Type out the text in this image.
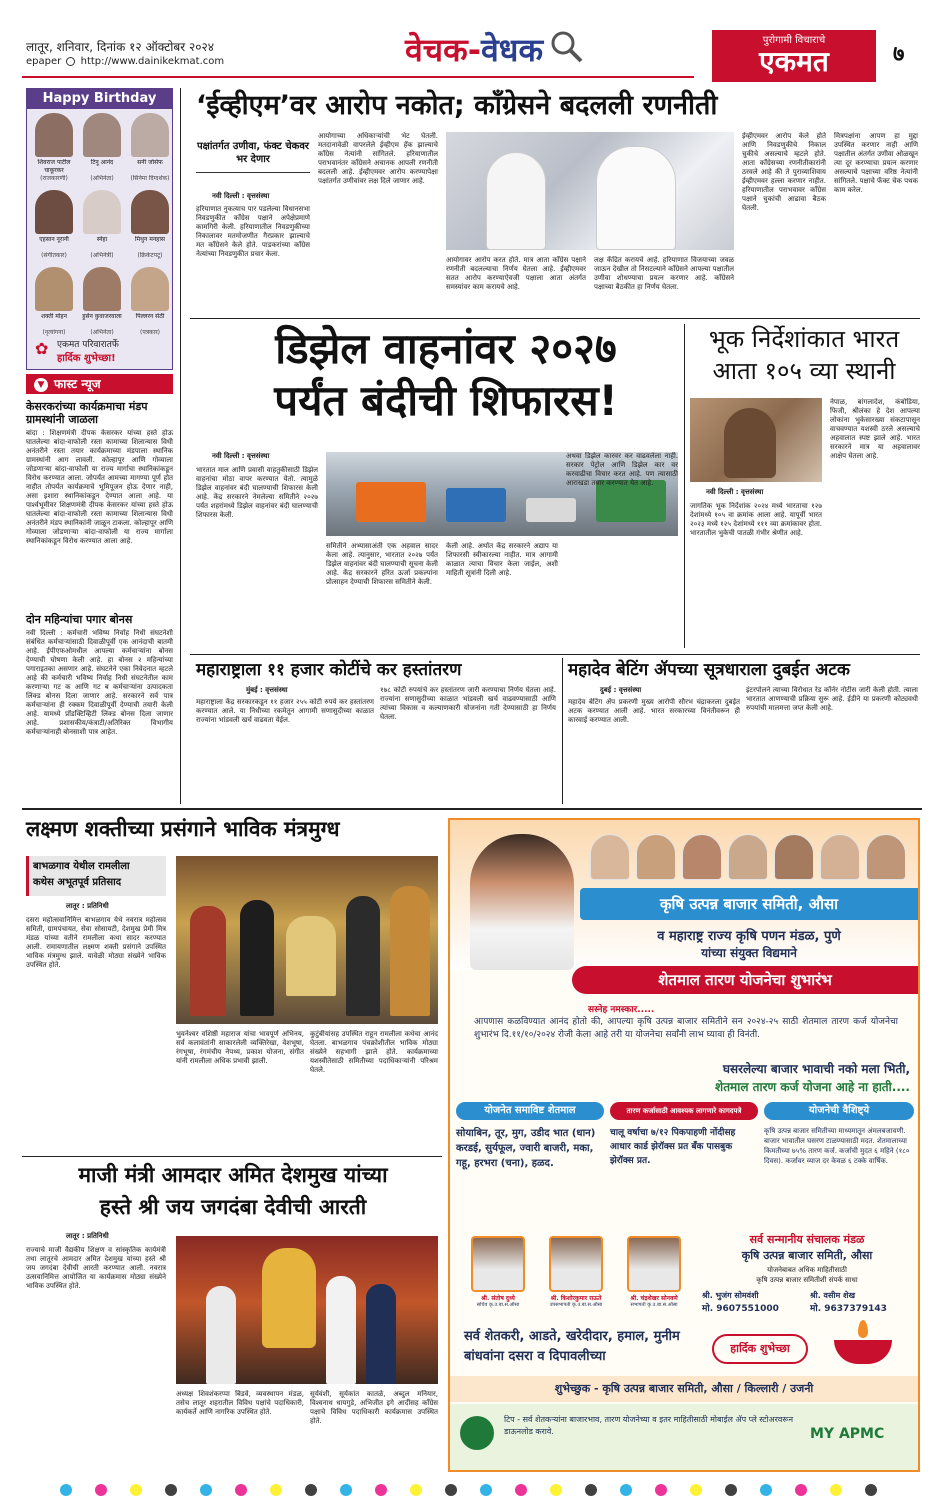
लातूर, शनिवार, दिनांक १२ ऑक्टोबर २०२४
epaper http://www.dainikekmat.com	वेचक-वेधक	पुरोगामी विचाराचे
एकमत	७
Happy Birthday
शिवराज पाटील चाकूरकर
(राजकारणी)
टिनू आनंद
(अभिनेता)
सनी जोसेफ
(सिनेमा दिग्दर्शक)
एहसान नूरानी
(संगीतकार)
स्नेहा
(अभिनेत्री)
मिथुन मनहास
(क्रिकेटपटू)
शक्ती मोहन
(नृत्यांगना)
हुसेन कुवाजरवाला
(अभिनेता)
पिल्लरन सेठी
(पत्रकार)
✿ एकमत परिवारातर्फे
हार्दिक शुभेच्छा!
▼ फास्ट न्यूज
केसरकरांच्या कार्यक्रमाचा मंडप ग्रामस्थांनी जाळला
बांदा : शिक्षणमंत्री दीपक केसरकर यांच्या हस्ते होऊ घातलेल्या बांदा-वाफोली रस्ता कामाच्या शिलान्यास विधी अनंतरीने रस्ता तयार कार्यक्रमाच्या मंडपाला स्थानिक ग्रामस्थांनी आग लावली. कोल्हापूर आणि गोव्याला जोडणाऱ्या बांदा-वाफोली या राज्य मार्गाचा स्थानिकांकडून विरोध करण्यात आला. जोपर्यंत आमच्या मागण्या पूर्ण होत नाहीत तोपर्यंत कार्यक्रमाचे भूमिपूजन होऊ देणार नाही, असा इशारा स्थानिकांकडून देण्यात आला आहे. या पार्श्वभूमीवर शिक्षणमंत्री दीपक केसरकर यांच्या हस्ते होऊ घातलेल्या बांदा-वाफोली रस्ता कामाच्या शिलान्यास विधी अनंतरीने मंडप स्थानिकांनी जाळून टाकला. कोल्हापूर आणि गोव्याला जोडणाऱ्या बांदा-वाफोली या राज्य मार्गाला स्थानिकांकडून विरोध करण्यात आला आहे.
दोन महिन्यांचा पगार बोनस
नवी दिल्ली : कर्मचारी भविष्य निर्वाह निधी संघटनेशी संबंधित कर्मचाऱ्यांसाठी दिवाळीपूर्वी एक आनंदाची बातमी आहे. ईपीएफओमधील आपल्या कर्मचाऱ्यांना बोनस देण्याची घोषणा केली आहे. हा बोनस २ महिन्यांच्या पगाराइतका असणार आहे. संघटनेने एका निवेदनात म्हटले आहे की कर्मचारी भविष्य निर्वाह निधी संघटनेतील काम करणाऱ्या गट क आणि गट ब कर्मचाऱ्यांना उत्पादकता लिंक्ड बोनस दिला जाणार आहे. सरकारने सर्व पात्र कर्मचाऱ्यांना ही रक्कम दिवाळीपूर्वी देण्याची तयारी केली आहे. यामध्ये प्रॉडक्टिव्हिटी लिंक्ड बोनस दिला जाणार आहे. प्रशासकीय/कंत्राटी/अतिरिक्त विभागीय कर्मचाऱ्यांनाही बोनसाशी पात्र आहेत.
‘ईव्हीएम’वर आरोप नकोत; काँग्रेसने बदलली रणनीती
पक्षांतर्गत उणीवा, फंक्ट चेकवर भर देणार
नवी दिल्ली : वृत्तसंस्था
हरियाणात नुकत्याच पार पडलेल्या विधानसभा निवडणुकीत काँग्रेस पक्षाने अपेक्षेप्रमाणे कामगिरी केली. हरियाणातील निवडणुकीच्या निकालावर मतमोजणीत गैरप्रकार झाल्याचे मत काँग्रेसने केले होते. पाडकरांच्या काँग्रेस नेत्यांच्या निवडणुकीत प्रचार केला.
आयोगाच्या अधिकाऱ्यांची भेट घेतली. मतदानावेळी वापरलेले ईव्हीएम हॅक झाल्याचे काँग्रेस नेत्यांनी सांगितले. हरियाणातील पराभवानंतर काँग्रेसने अचानक आपली रणनीती बदलली आहे. ईव्हीएमवर आरोप करण्यापेक्षा पक्षांतर्गत उणीवांवर लक्ष दिले जाणार आहे.
आयोगावर आरोप करत होते. मात्र आता काँग्रेस पक्षाने रणनीती बदलल्याचा निर्णय घेतला आहे. ईव्हीएमवर सतत आरोप करण्याऐवजी पक्षाला आता अंतर्गत समस्यांवर काम करायचे आहे.
लक्ष केंद्रित करायचे आहे. हरियाणात विजयाच्या जवळ जाऊन देखील तो निसटल्याने काँग्रेसने आपल्या पक्षातील उणीवा शोधण्याचा प्रयत्न करणार आहे. काँग्रेसने पक्षाच्या बैठकीत हा निर्णय घेतला.
ईव्हीएमवर आरोप केले होते आणि निवडणुकीचे निकाल चुकीचे असल्याचे म्हटले होते. आता काँग्रेसच्या रणनीतीकारांनी ठरवले आहे की ते पुराव्याशिवाय ईव्हीएमवर हल्ला करणार नाहीत. हरियाणातील पराभवावर काँग्रेस पक्षाने चुकांची आढावा बैठक घेतली.
मित्रपक्षांना आपण हा मुद्दा उपस्थित करणार नाही आणि पक्षातील अंतर्गत उणीवा ओळखून त्या दूर करण्याचा प्रयत्न करणार असल्याचे पक्षाच्या वरिष्ठ नेत्यांनी सांगितले. पक्षाचे फॅक्ट चेक पथक काम करेल.
डिझेल वाहनांवर २०२७
पर्यंत बंदीची शिफारस!
नवी दिल्ली : वृत्तसंस्था
भारतात माल आणि प्रवासी वाहतुकीसाठी डिझेल वाहनांचा मोठा वापर करण्यात येतो. त्यामुळे डिझेल वाहनांवर बंदी घालण्याची शिफारस केली आहे. केंद्र सरकारने नेमलेल्या समितीने २०२७ पर्यंत शहरांमध्ये डिझेल वाहनांवर बंदी घालण्याची शिफारस केली.
समितीने अभ्यासाअंती एक अहवाल सादर केला आहे. त्यानुसार, भारतात २०२७ पर्यंत डिझेल वाहनांवर बंदी घालण्याची सूचना केली आहे. केंद्र सरकारने हरित ऊर्जा प्रकल्पांना प्रोत्साहन देण्याची शिफारस समितीने केली.
केली आहे. अर्थात केंद्र सरकारने अद्याप या शिफारसी स्वीकारल्या नाहीत. मात्र आगामी काळात त्याचा विचार केला जाईल, अशी माहिती सूत्रांनी दिली आहे.
अथवा डिझेल कारवर कर वाढवलेला नाही. सरकार पेट्रोल आणि डिझेल कार वर करवाढीचा विचार करत आहे. पण त्यासाठी आराखडा तयार करण्यात येत आहे.
भूक निर्देशांकात भारत
आता १०५ व्या स्थानी
नवी दिल्ली : वृत्तसंस्था
जागतिक भूक निर्देशांक २०२४ मध्ये भारताचा १२७ देशांमध्ये १०५ वा क्रमांक आला आहे. यापूर्वी भारत २०२३ मध्ये १२५ देशांमध्ये १११ व्या क्रमांकावर होता. भारतातील भुकेची पातळी गंभीर श्रेणीत आहे.
नेपाळ, बांगलादेश, कंबोडिया, फिजी, श्रीलंका हे देश आपल्या लोकांना भुकेसारख्या संकटापासून वाचवण्यात यशस्वी ठरले असल्याचे अहवालात स्पष्ट झाले आहे. भारत सरकारने मात्र या अहवालावर आक्षेप घेतला आहे.
महाराष्ट्राला ११ हजार कोटींचे कर हस्तांतरण
मुंबई : वृत्तसंस्था
महाराष्ट्राला केंद्र सरकारकडून ११ हजार २५५ कोटी रुपये कर हस्तांतरण करण्यात आले. या निधीच्या रकमेतून आगामी सणासुदीच्या काळात राज्यांना भांडवली खर्च वाढवता येईल.
१७८ कोटी रुपयांचे कर हस्तांतरण जारी करण्याचा निर्णय घेतला आहे. राज्यांना सणासुदीच्या काळात भांडवली खर्च वाढवण्यासाठी आणि त्यांच्या विकास व कल्याणकारी योजनांना गती देण्यासाठी हा निर्णय घेतला.
महादेव बेटिंग ॲपच्या सूत्रधाराला दुबईत अटक
दुबई : वृत्तसंस्था
महादेव बेटिंग ॲप प्रकरणी मुख्य आरोपी सौरभ चंद्राकरला दुबईत अटक करण्यात आली आहे. भारत सरकारच्या विनंतीवरून ही कारवाई करण्यात आली.
इंटरपोलने त्याच्या विरोधात रेड कॉर्नर नोटीस जारी केली होती. त्याला भारतात आणण्याची प्रक्रिया सुरू आहे. ईडीने या प्रकरणी कोट्यवधी रुपयांची मालमत्ता जप्त केली आहे.
लक्ष्मण शक्तीच्या प्रसंगाने भाविक मंत्रमुग्ध
बाभळगाव येथील रामलीला
कथेस अभूतपूर्व प्रतिसाद
लातूर : प्रतिनिधी
दसरा महोत्सवानिमित्त बाभळगाव येथे नवरात्र महोत्सव समिती, ग्रामपंचायत, सेवा सोसायटी, देशमुख प्रेमी मित्र मंडळ यांच्या वतीने रामलीला कथा सादर करण्यात आली. रामायणातील लक्ष्मण शक्ती प्रसंगाने उपस्थित भाविक मंत्रमुग्ध झाले. यावेळी मोठ्या संख्येने भाविक उपस्थित होते.
भुवनेश्वर वशिष्ठी महाराज यांचा भावपूर्ण अभिनय, सर्व कलावंतांनी साकारलेली व्यक्तिरेखा, वेशभूषा, रंगभूषा, रंगमंचीय नेपथ्य, प्रकाश योजना, संगीत यांनी रामलीला अधिक प्रभावी झाली.
कुटुंबीयांसह उपस्थित राहून रामलीला कथेचा आनंद घेतला. बाभळगाव पंचक्रोशीतील भाविक मोठ्या संख्येने सहभागी झाले होते. कार्यक्रमाच्या यशस्वीतेसाठी समितीच्या पदाधिकाऱ्यांनी परिश्रम घेतले.
माजी मंत्री आमदार अमित देशमुख यांच्या
हस्ते श्री जय जगदंबा देवीची आरती
लातूर : प्रतिनिधी
राज्याचे माजी वैद्यकीय शिक्षण व सांस्कृतिक कार्यमंत्री तथा लातूरचे आमदार अमित देशमुख यांच्या हस्ते श्री जय जगदंबा देवीची आरती करण्यात आली. नवरात्र उत्सवानिमित्त आयोजित या कार्यक्रमास मोठ्या संख्येने भाविक उपस्थित होते.
अध्यक्ष शिवशंकरप्पा बिडवे, व्यवस्थापन मंडळ, तसेच लातूर शहरातील विविध पक्षांचे पदाधिकारी, कार्यकर्ते आणि नागरिक उपस्थित होते.
सूर्यवंशी, सूर्यकांत कातळे, अब्दुल मनियार, विश्वनाथ धायगुडे, अभिजीत इगे आदींसह काँग्रेस पक्षाचे विविध पदाधिकारी कार्यक्रमास उपस्थित होते.
कृषि उत्पन्न बाजार समिती, औसा
व महाराष्ट्र राज्य कृषि पणन मंडळ, पुणे
यांच्या संयुक्त विद्यमाने
शेतमाल तारण योजनेचा शुभारंभ
सस्नेह नमस्कार.....
आपणास कळविण्यात आनंद होतो की, आपल्या कृषि उत्पन्न बाजार समितीने सन २०२४-२५ साठी शेतमाल तारण कर्ज योजनेचा शुभारंभ दि.११/१०/२०२४ रोजी केला आहे तरी या योजनेचा सर्वांनी लाभ घ्यावा ही विनंती.
घसरलेल्या बाजार भावाची नको मला भिती,
शेतमाल तारण कर्ज योजना आहे ना हाती....
योजनेत समाविष्ट शेतमाल
सोयाबिन, तूर, मुग, उडीद भात (धान) करडई, सुर्यफूल, ज्वारी बाजरी, मका, गहू, हरभरा (चना), हळद.
तारण कर्जासाठी आवश्यक लागणारे कागदपत्रे
चालू वर्षाचा ७/१२ पिकपाहणी नोंदीसह आधार कार्ड झेरॉक्स प्रत बँक पासबुक झेरॉक्स प्रत.
योजनेची वैशिष्ट्ये
कृषि उत्पन्न बाजार समितीच्या माध्यमातून अंमलबजावणी. बाजार भावातील घसरण टाळण्यासाठी मदत. शेतमालाच्या किमतीच्या ७५% तारण कर्ज. कर्जाची मुदत ६ महिने (१८० दिवस). कर्जावर व्याज दर केवळ ६ टक्के वार्षिक.
सर्व सन्मानीय संचालक मंडळ
कृषि उत्पन्न बाजार समिती, औसा
योजनेबाबत अधिक माहितीसाठी
कृषि उत्पन्न बाजार समितीशी संपर्क साधा
श्री. भुजंग सोमवंशी
मो. 9607551000
श्री. वसीम शेख
मो. 9637379143
श्री. संतोष दुध्ये
सचिव कृ.उ.बा.स.औसा
श्री. किशोरकुमार राऊते
उपसभापती कृ.उ.बा.स.औसा
श्री. चंद्रशेखर सोनवणे
सभापती कृ.उ.बा.स.औसा
सर्व शेतकरी, आडते, खरेदीदार, हमाल, मुनीम
बांधवांना दसरा व दिपावलीच्या
हार्दिक शुभेच्छा
शुभेच्छुक - कृषि उत्पन्न बाजार समिती, औसा / किल्लारी / उजनी
टिप - सर्व शेतकऱ्यांना बाजारभाव, तारण योजनेच्या व इतर माहितीसाठी मोबाईल ॲप प्ले स्टोअरवरून डाऊनलोड करावे.	MY APMC
